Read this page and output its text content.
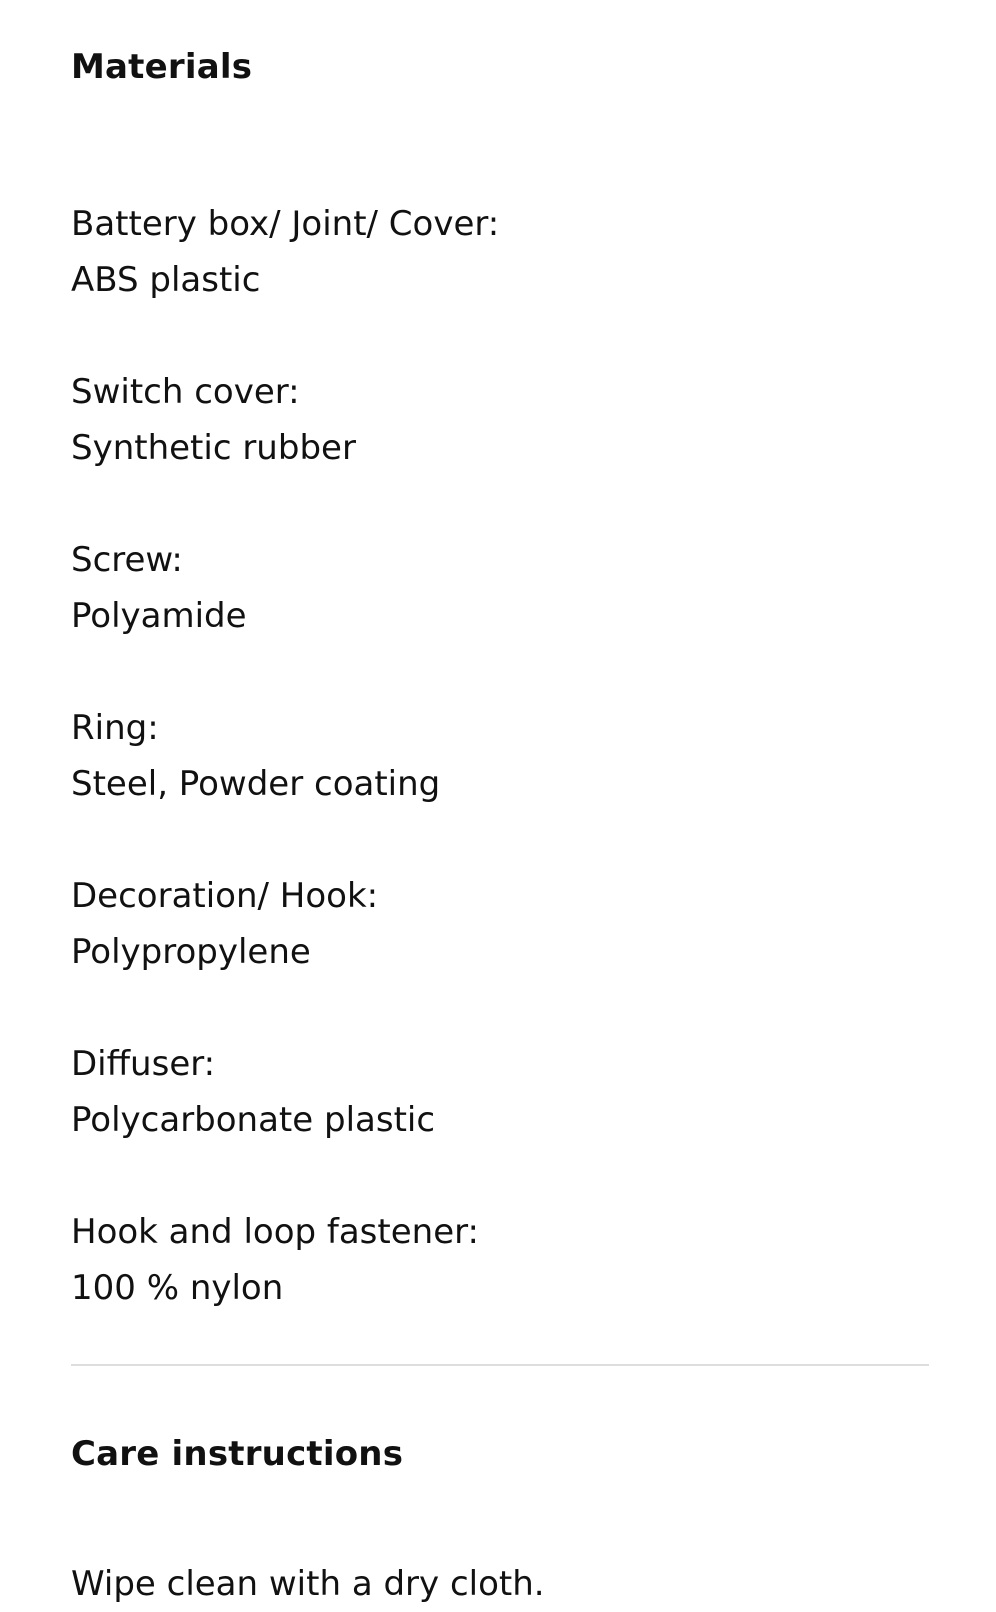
Materials
Battery box/ Joint/ Cover:
ABS plastic
Switch cover:
Synthetic rubber
Screw:
Polyamide
Ring:
Steel, Powder coating
Decoration/ Hook:
Polypropylene
Diffuser:
Polycarbonate plastic
Hook and loop fastener:
100 % nylon
Care instructions

Wipe clean with a dry cloth.
